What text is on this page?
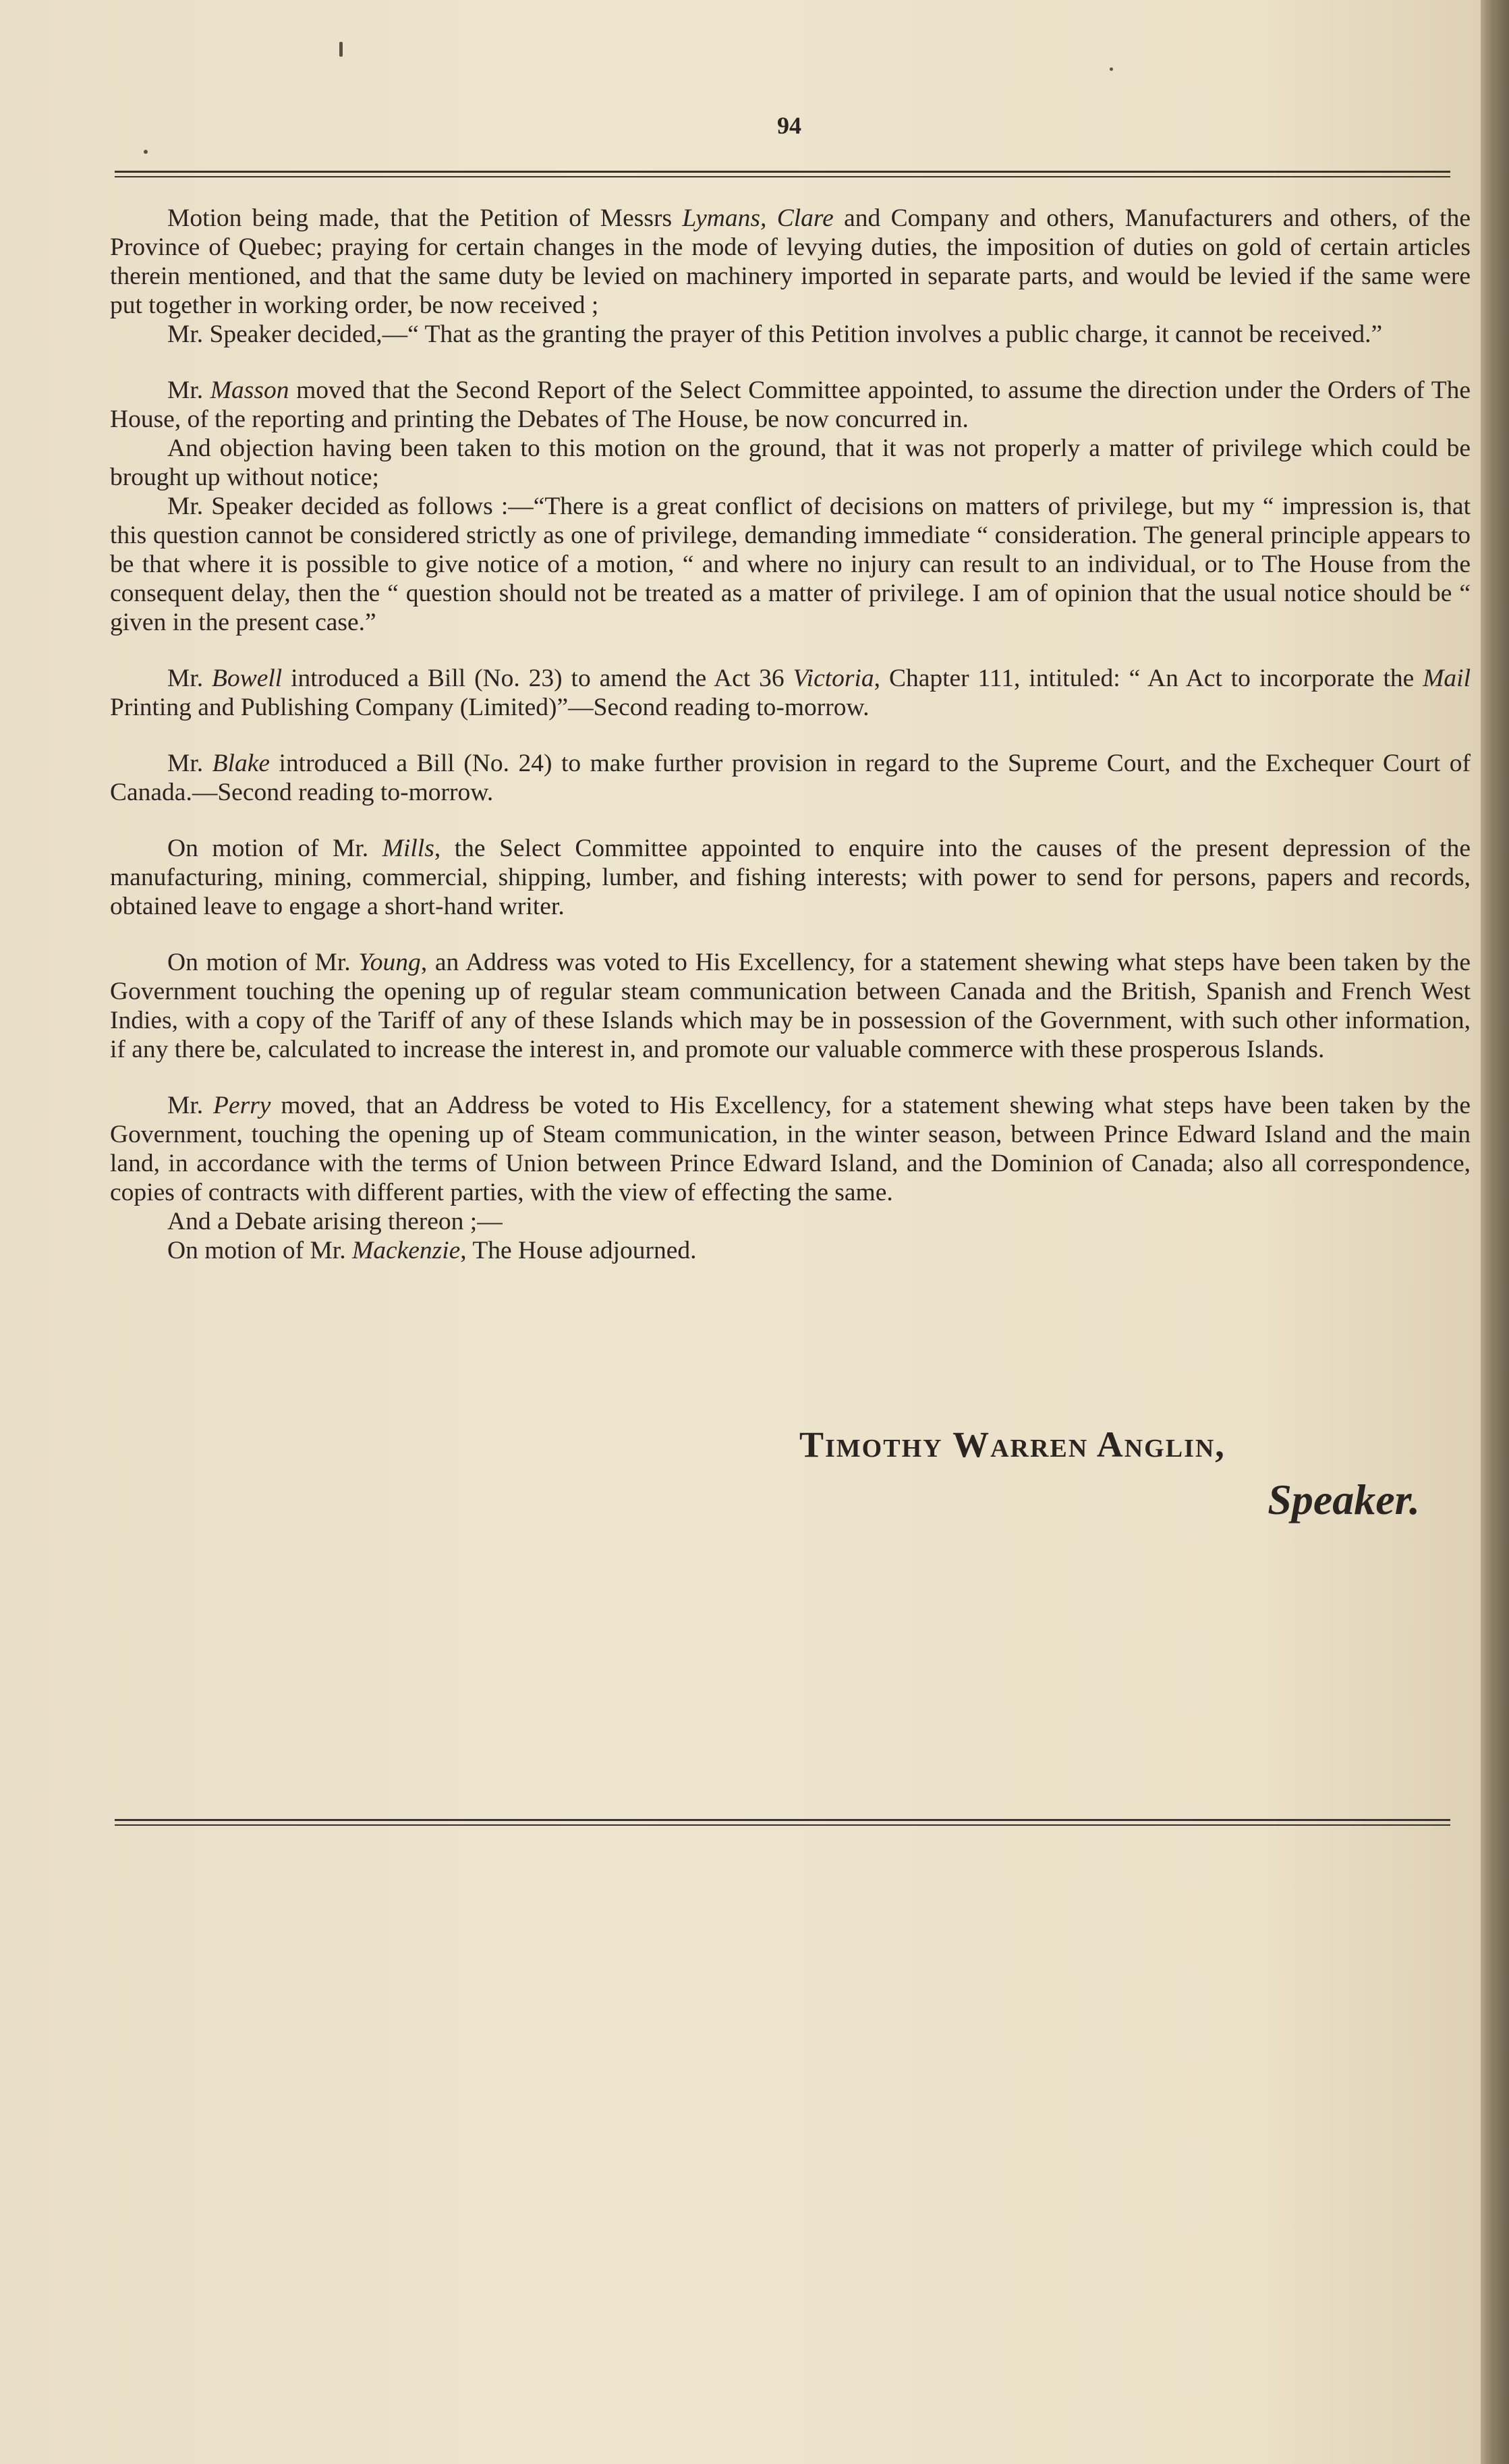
94

Motion being made, that the Petition of Messrs Lymans, Clare and Company and others, Manufacturers and others, of the Province of Quebec; praying for certain changes in the mode of levying duties, the imposition of duties on gold of certain articles therein mentioned, and that the same duty be levied on machinery imported in separate parts, and would be levied if the same were put together in working order, be now received ;

Mr. Speaker decided,—“ That as the granting the prayer of this Petition involves a public charge, it cannot be received.”

Mr. Masson moved that the Second Report of the Select Committee appointed, to assume the direction under the Orders of The House, of the reporting and printing the Debates of The House, be now concurred in.

And objection having been taken to this motion on the ground, that it was not properly a matter of privilege which could be brought up without notice;

Mr. Speaker decided as follows :—“There is a great conflict of decisions on matters of privilege, but my “ impression is, that this question cannot be considered strictly as one of privilege, demanding immediate “ consideration. The general principle appears to be that where it is possible to give notice of a motion, “ and where no injury can result to an individual, or to The House from the consequent delay, then the “ question should not be treated as a matter of privilege. I am of opinion that the usual notice should be “ given in the present case.”

Mr. Bowell introduced a Bill (No. 23) to amend the Act 36 Victoria, Chapter 111, intituled: “ An Act to incorporate the Mail Printing and Publishing Company (Limited)”—Second reading to-morrow.

Mr. Blake introduced a Bill (No. 24) to make further provision in regard to the Supreme Court, and the Exchequer Court of Canada.—Second reading to-morrow.

On motion of Mr. Mills, the Select Committee appointed to enquire into the causes of the present depression of the manufacturing, mining, commercial, shipping, lumber, and fishing interests; with power to send for persons, papers and records, obtained leave to engage a short-hand writer.

On motion of Mr. Young, an Address was voted to His Excellency, for a statement shewing what steps have been taken by the Government touching the opening up of regular steam communication between Canada and the British, Spanish and French West Indies, with a copy of the Tariff of any of these Islands which may be in possession of the Government, with such other information, if any there be, calculated to increase the interest in, and promote our valuable commerce with these prosperous Islands.

Mr. Perry moved, that an Address be voted to His Excellency, for a statement shewing what steps have been taken by the Government, touching the opening up of Steam communication, in the winter season, between Prince Edward Island and the main land, in accordance with the terms of Union between Prince Edward Island, and the Dominion of Canada; also all correspondence, copies of contracts with different parties, with the view of effecting the same.

And a Debate arising thereon ;—

On motion of Mr. Mackenzie, The House adjourned.

Timothy Warren Anglin,
Speaker.
